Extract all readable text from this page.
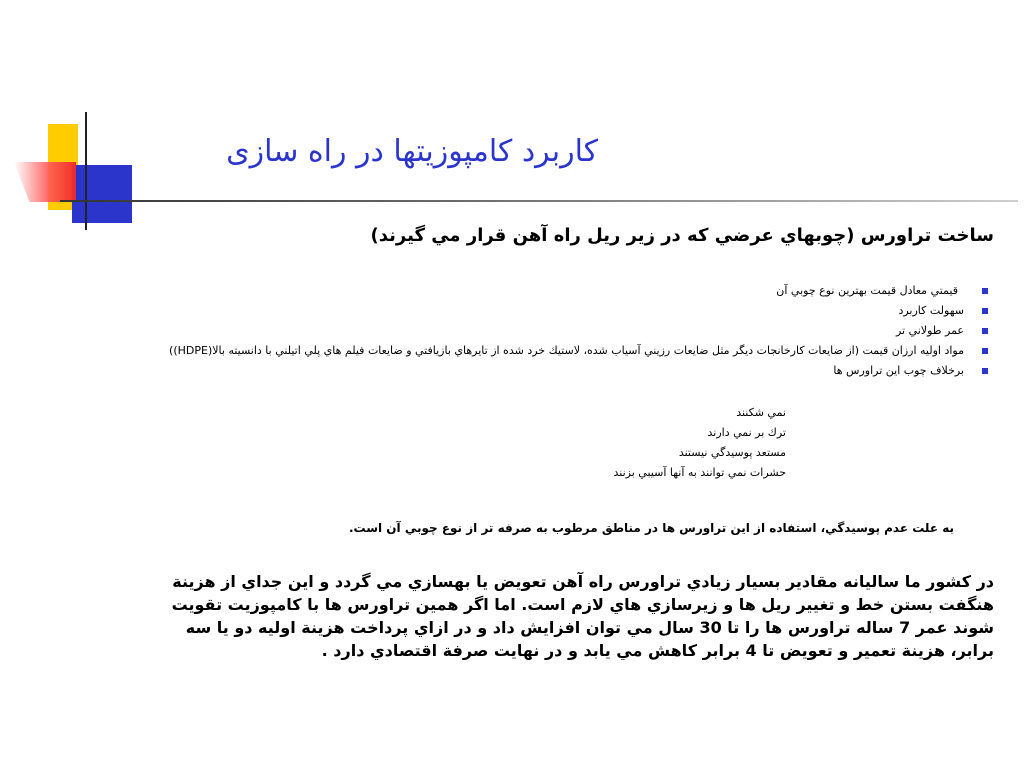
کاربرد کامپوزيتها در راه سازی
ساخت تراورس (چوبهاي عرضي كه در زير ريل راه آهن قرار مي گيرند)
قيمتي معادل قيمت بهترين نوع چوبي آن
سهولت كاربرد
عمر طولاني تر
مواد اوليه ارزان قيمت (از ضايعات كارخانجات ديگر مثل ضايعات رزيني آسياب شده، لاستيك خرد شده از تايرهاي بازيافتي و ضايعات فيلم هاي پلي اتيلني با دانسيته بالا(HDPE))
برخلاف چوب اين تراورس ها
نمي شكنند
ترك بر نمي دارند
مستعد پوسيدگي نيستند
حشرات نمي توانند به آنها آسيبي بزنند
به علت عدم پوسيدگي، استفاده از اين تراورس ها در مناطق مرطوب به صرفه تر از نوع چوبي آن است.
در كشور ما ساليانه مقادير بسيار زيادي تراورس راه آهن تعويض يا بهسازي مي گردد و اين جداي از هزينة هنگفت بستن خط و تغيير ريل ها و زيرسازي هاي لازم است. اما اگر همين تراورس ها با كامپوزيت تقويت شوند عمر 7 ساله تراورس ها را تا 30 سال مي توان افزايش داد و در ازاي پرداخت هزينة اوليه دو يا سه برابر، هزينة تعمير و تعويض تا 4 برابر كاهش مي يابد و در نهايت صرفة اقتصادي دارد .
